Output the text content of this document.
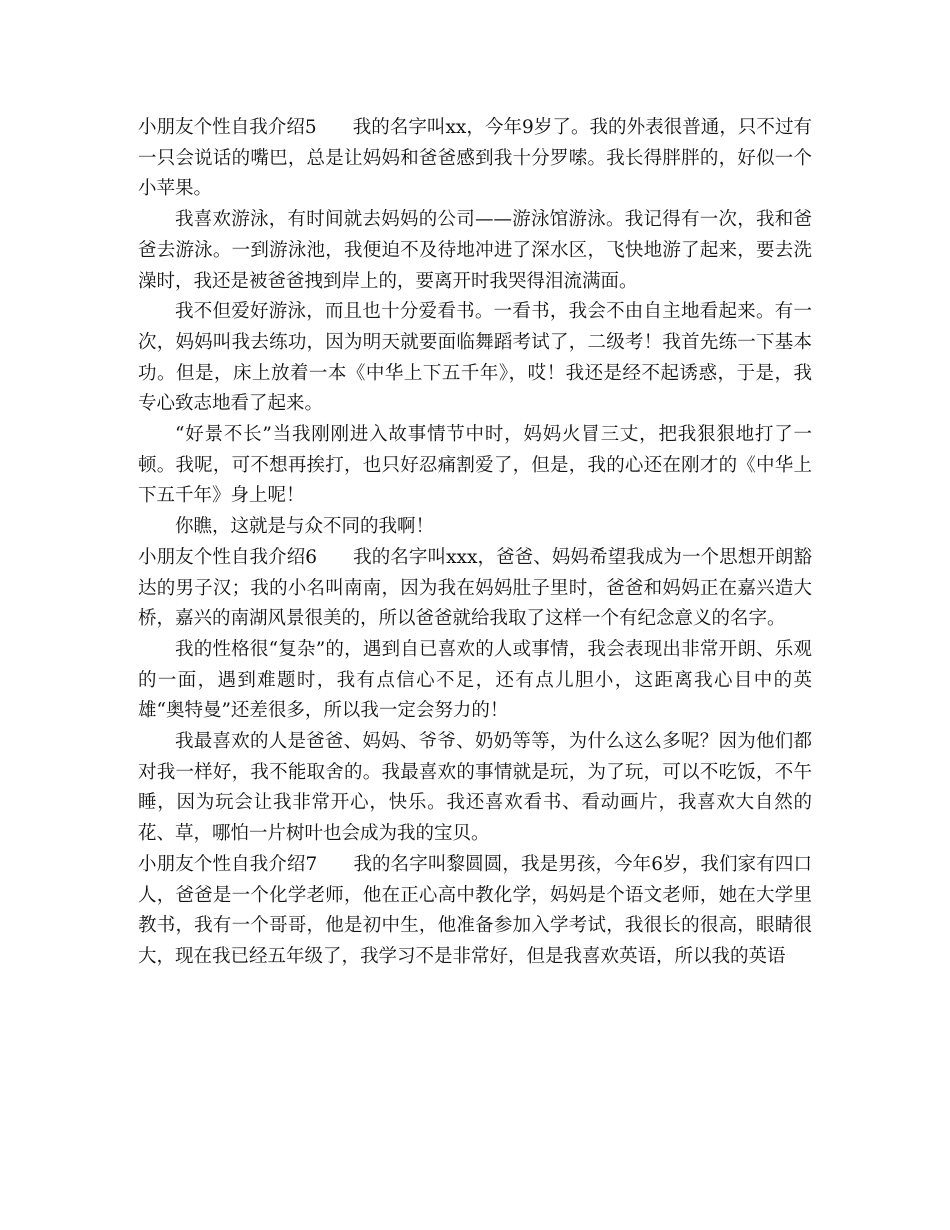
小朋友个性自我介绍5 我的名字叫xx，今年9岁了。我的外表很普通，只不过有一只会说话的嘴巴，总是让妈妈和爸爸感到我十分罗嗦。我长得胖胖的，好似一个小苹果。

我喜欢游泳，有时间就去妈妈的公司——游泳馆游泳。我记得有一次，我和爸爸去游泳。一到游泳池，我便迫不及待地冲进了深水区，飞快地游了起来，要去洗澡时，我还是被爸爸拽到岸上的，要离开时我哭得泪流满面。

我不但爱好游泳，而且也十分爱看书。一看书，我会不由自主地看起来。有一次，妈妈叫我去练功，因为明天就要面临舞蹈考试了，二级考！我首先练一下基本功。但是，床上放着一本《中华上下五千年》，哎！我还是经不起诱惑，于是，我专心致志地看了起来。

“好景不长”当我刚刚进入故事情节中时，妈妈火冒三丈，把我狠狠地打了一顿。我呢，可不想再挨打，也只好忍痛割爱了，但是，我的心还在刚才的《中华上下五千年》身上呢！

你瞧，这就是与众不同的我啊！

小朋友个性自我介绍6 我的名字叫xxx，爸爸、妈妈希望我成为一个思想开朗豁达的男子汉；我的小名叫南南，因为我在妈妈肚子里时，爸爸和妈妈正在嘉兴造大桥，嘉兴的南湖风景很美的，所以爸爸就给我取了这样一个有纪念意义的名字。

我的性格很“复杂”的，遇到自已喜欢的人或事情，我会表现出非常开朗、乐观的一面，遇到难题时，我有点信心不足，还有点儿胆小，这距离我心目中的英雄“奥特曼”还差很多，所以我一定会努力的！

我最喜欢的人是爸爸、妈妈、爷爷、奶奶等等，为什么这么多呢？因为他们都对我一样好，我不能取舍的。我最喜欢的事情就是玩，为了玩，可以不吃饭，不午睡，因为玩会让我非常开心，快乐。我还喜欢看书、看动画片，我喜欢大自然的花、草，哪怕一片树叶也会成为我的宝贝。

小朋友个性自我介绍7 我的名字叫黎圆圆，我是男孩，今年6岁，我们家有四口人，爸爸是一个化学老师，他在正心高中教化学，妈妈是个语文老师，她在大学里教书，我有一个哥哥，他是初中生，他准备参加入学考试，我很长的很高，眼睛很大，现在我已经五年级了，我学习不是非常好，但是我喜欢英语，所以我的英语
